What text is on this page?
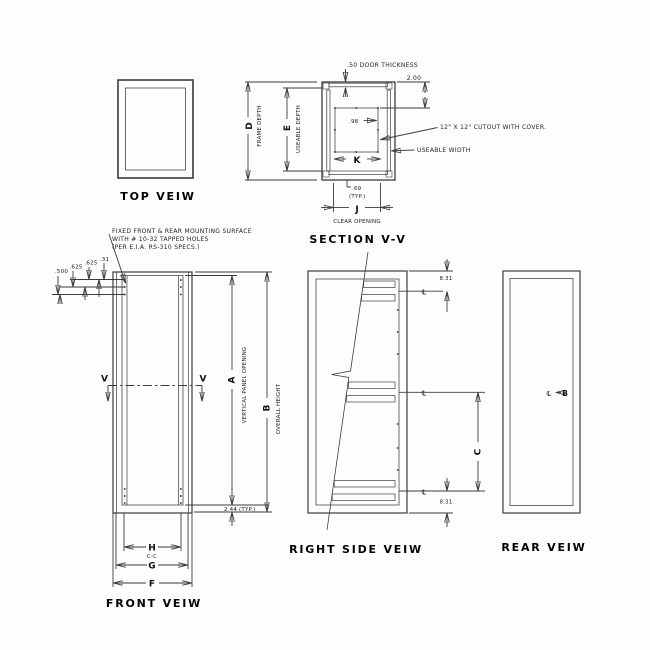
TOP VEIW
.50 DOOR THICKNESS
2.00
.98
12" X 12" CUTOUT WITH COVER.
USEABLE WIDTH
K
D FRAME DEPTH E USEABLE DEPTH
.69
(TYP.)
J
CLEAR OPENING
SECTION V-V
FIXED FRONT & REAR MOUNTING SURFACE
WITH # 10-32 TAPPED HOLES
(PER E.I.A. RS-310 SPECS.)
.500
.625
.625
.31
V	V A VERTICAL PANEL OPENING B OVERALL HEIGHT
2.44 (TYP.)
H
C-C
G
F
FRONT VEIW
℄
℄
℄
8.31
8.31
C
RIGHT SIDE VEIW
℄ B
REAR VEIW
